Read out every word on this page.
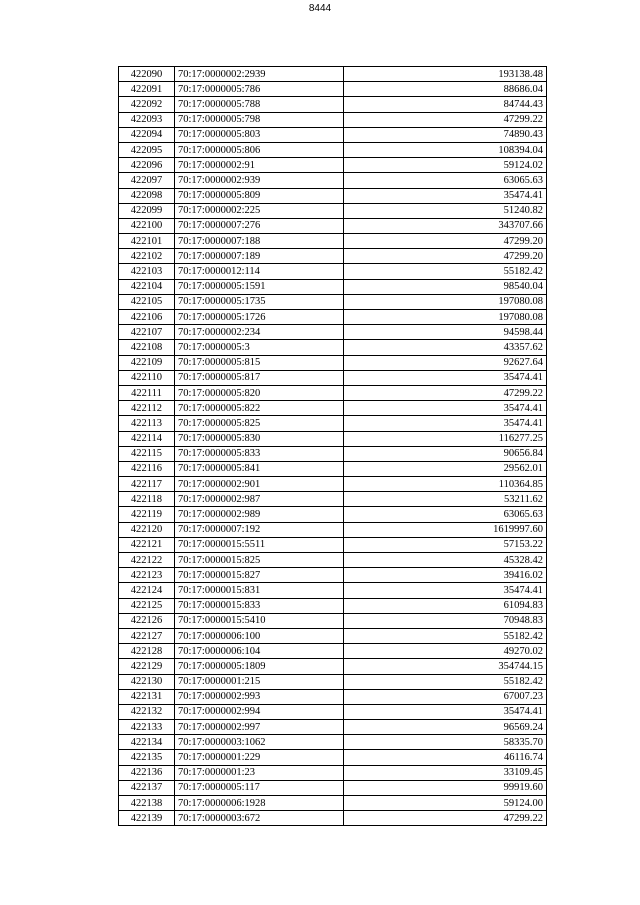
8444
422090	70:17:0000002:2939	193138.48
422091	70:17:0000005:786	88686.04
422092	70:17:0000005:788	84744.43
422093	70:17:0000005:798	47299.22
422094	70:17:0000005:803	74890.43
422095	70:17:0000005:806	108394.04
422096	70:17:0000002:91	59124.02
422097	70:17:0000002:939	63065.63
422098	70:17:0000005:809	35474.41
422099	70:17:0000002:225	51240.82
422100	70:17:0000007:276	343707.66
422101	70:17:0000007:188	47299.20
422102	70:17:0000007:189	47299.20
422103	70:17:0000012:114	55182.42
422104	70:17:0000005:1591	98540.04
422105	70:17:0000005:1735	197080.08
422106	70:17:0000005:1726	197080.08
422107	70:17:0000002:234	94598.44
422108	70:17:0000005:3	43357.62
422109	70:17:0000005:815	92627.64
422110	70:17:0000005:817	35474.41
422111	70:17:0000005:820	47299.22
422112	70:17:0000005:822	35474.41
422113	70:17:0000005:825	35474.41
422114	70:17:0000005:830	116277.25
422115	70:17:0000005:833	90656.84
422116	70:17:0000005:841	29562.01
422117	70:17:0000002:901	110364.85
422118	70:17:0000002:987	53211.62
422119	70:17:0000002:989	63065.63
422120	70:17:0000007:192	1619997.60
422121	70:17:0000015:5511	57153.22
422122	70:17:0000015:825	45328.42
422123	70:17:0000015:827	39416.02
422124	70:17:0000015:831	35474.41
422125	70:17:0000015:833	61094.83
422126	70:17:0000015:5410	70948.83
422127	70:17:0000006:100	55182.42
422128	70:17:0000006:104	49270.02
422129	70:17:0000005:1809	354744.15
422130	70:17:0000001:215	55182.42
422131	70:17:0000002:993	67007.23
422132	70:17:0000002:994	35474.41
422133	70:17:0000002:997	96569.24
422134	70:17:0000003:1062	58335.70
422135	70:17:0000001:229	46116.74
422136	70:17:0000001:23	33109.45
422137	70:17:0000005:117	99919.60
422138	70:17:0000006:1928	59124.00
422139	70:17:0000003:672	47299.22
